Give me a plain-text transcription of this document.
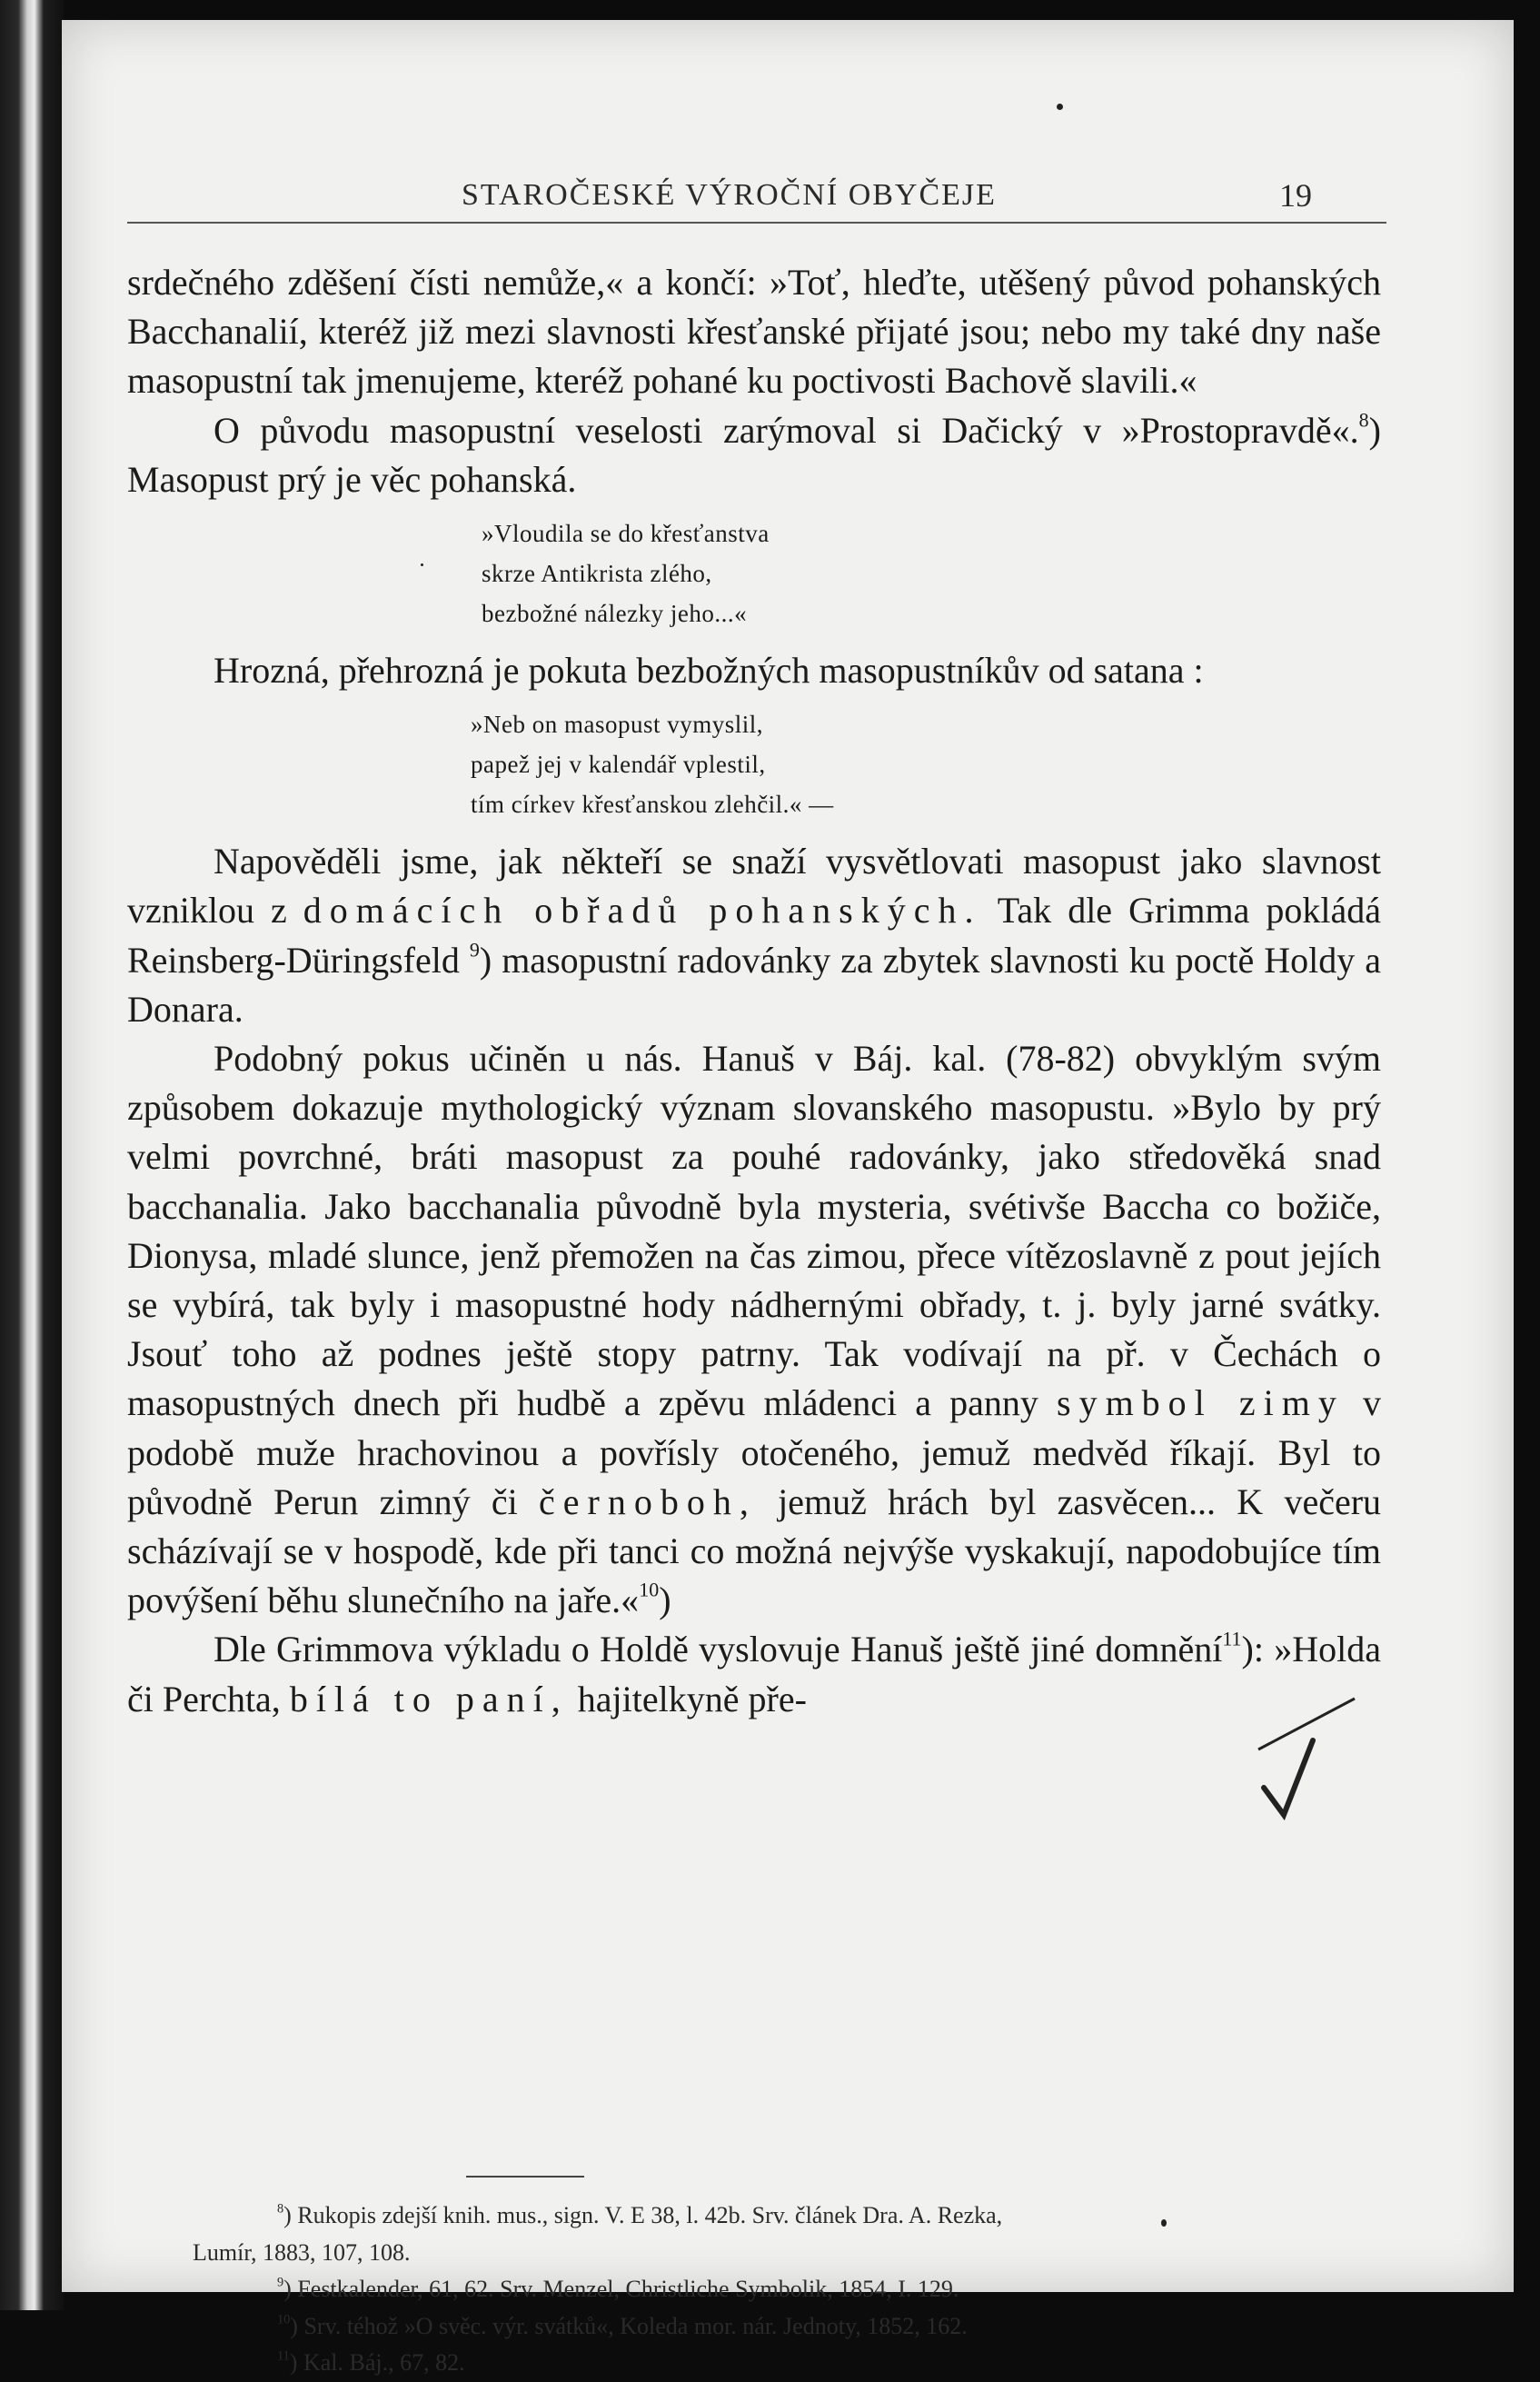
STAROČESKÉ VÝROČNÍ OBYČEJE	19

srdečného zděšení čísti nemůže,« a končí: »Toť, hleďte, utěšený původ pohanských Bacchanalií, kteréž již mezi slavnosti křesťanské přijaté jsou; nebo my také dny naše masopustní tak jmenujeme, kteréž pohané ku poctivosti Bachově slavili.«

O původu masopustní veselosti zarýmoval si Dačický v »Prostopravdě«.$^8$) Masopust prý je věc pohanská.

»Vloudila se do křesťanstva
skrze Antikrista zlého,
bezbožné nálezky jeho...«

Hrozná, přehrozná je pokuta bezbožných masopustníkův od satana :

»Neb on masopust vymyslil,
papež jej v kalendář vplestil,
tím církev křesťanskou zlehčil.« —

Napověděli jsme, jak někteří se snaží vysvětlovati masopust jako slavnost vzniklou z domácích obřadů pohanských. Tak dle Grimma pokládá Reinsberg-Düringsfeld $^9$) masopustní radovánky za zbytek slavnosti ku poctě Holdy a Donara.

Podobný pokus učiněn u nás. Hanuš v Báj. kal. (78-82) obvyklým svým způsobem dokazuje mythologický význam slovanského masopustu. »Bylo by prý velmi povrchné, bráti masopust za pouhé radovánky, jako středověká snad bacchanalia. Jako bacchanalia původně byla mysteria, svétivše Baccha co božiče, Dionysa, mladé slunce, jenž přemožen na čas zimou, přece vítězoslavně z pout jejích se vybírá, tak byly i masopustné hody nádhernými obřady, t. j. byly jarné svátky. Jsouť toho až podnes ještě stopy patrny. Tak vodívají na př. v Čechách o masopustných dnech při hudbě a zpěvu mládenci a panny symbol zimy v podobě muže hrachovinou a povřísly otočeného, jemuž medvěd říkají. Byl to původně Perun zimný či černoboh, jemuž hrách byl zasvěcen... K večeru scházívají se v hospodě, kde při tanci co možná nejvýše vyskakují, napodobujíce tím povýšení běhu slunečního na jaře.«$^{10}$)

Dle Grimmova výkladu o Holdě vyslovuje Hanuš ještě jiné domnění$^{11}$): »Holda či Perchta, bílá to paní, hajitelkyně pře-

$^8$) Rukopis zdejší knih. mus., sign. V. E 38, l. 42b. Srv. článek Dra. A. Rezka,
Lumír, 1883, 107, 108.
$^9$) Festkalender, 61, 62. Srv. Menzel, Christliche Symbolik, 1854, I. 129.
$^{10}$) Srv. téhož »O svěc. výr. svátků«, Koleda mor. nár. Jednoty, 1852, 162.
$^{11}$) Kal. Báj., 67, 82.
